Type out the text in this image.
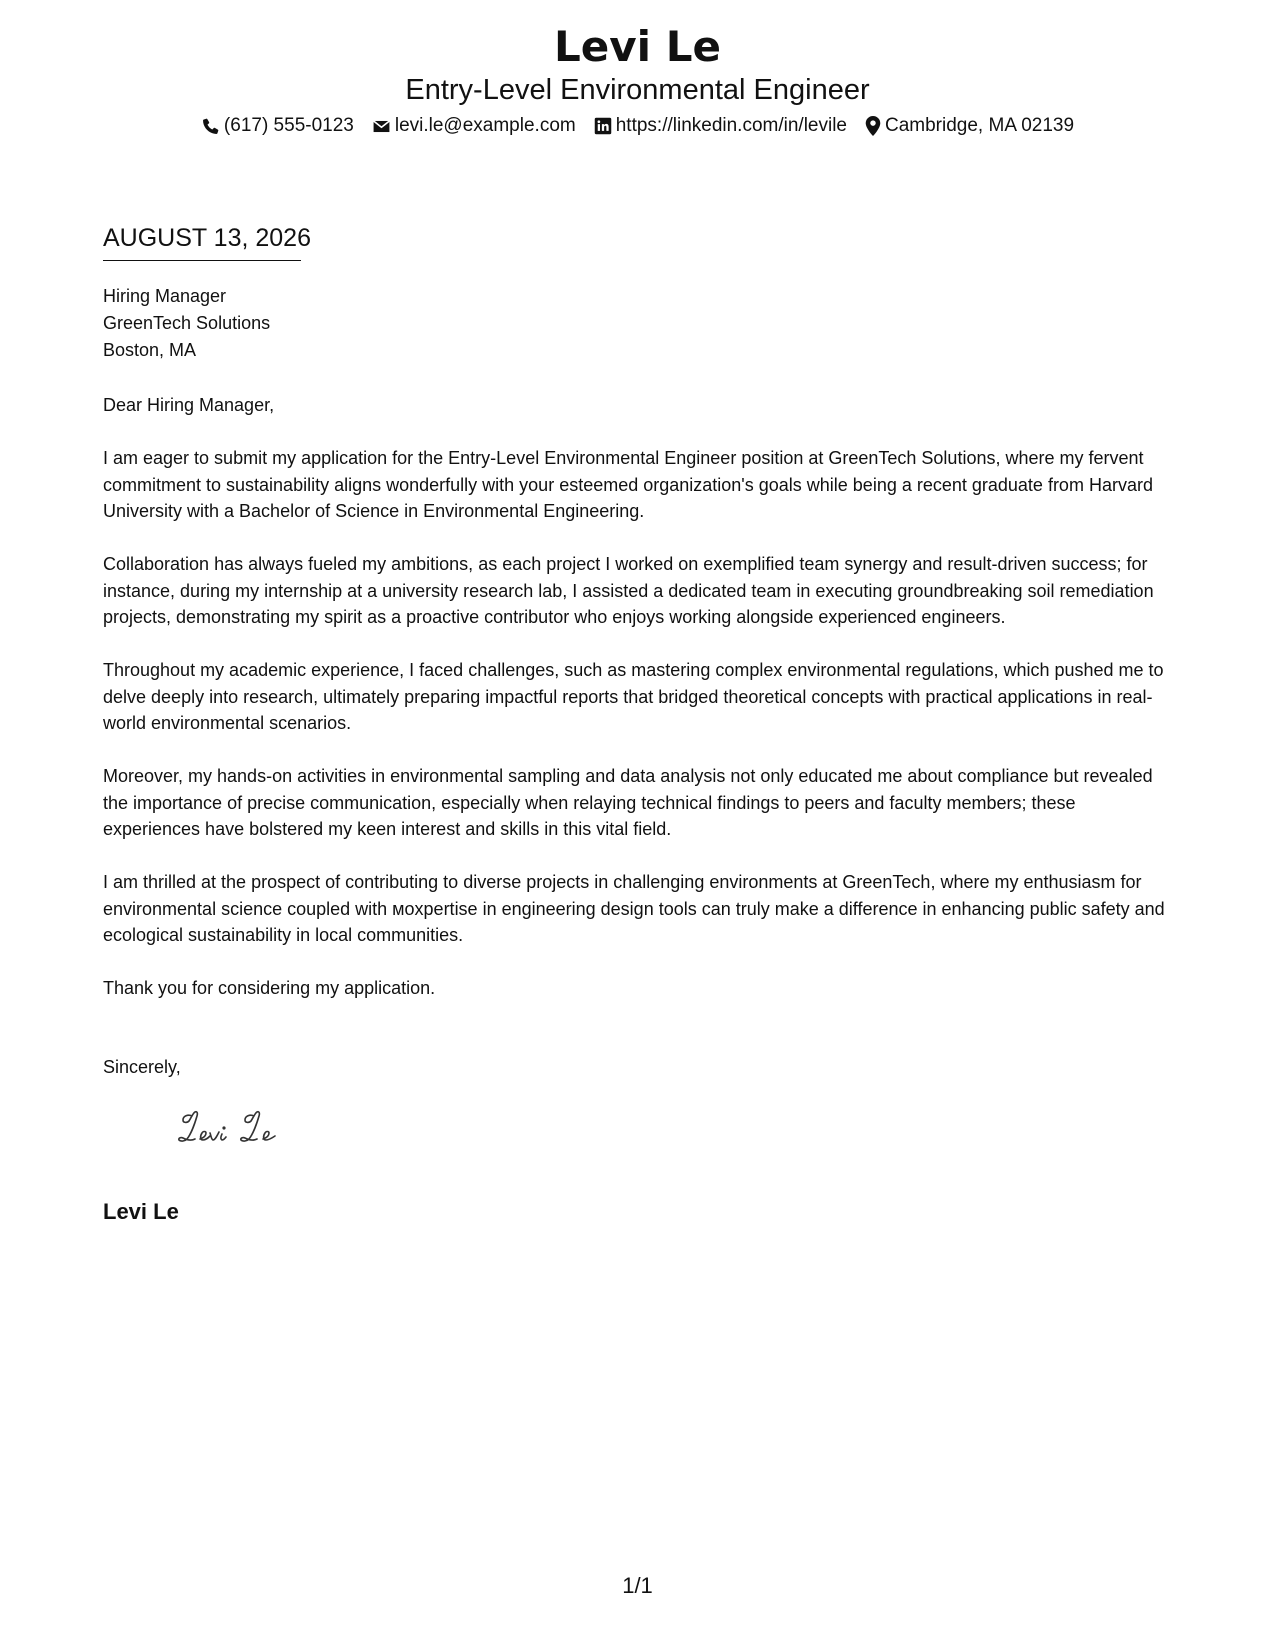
Levi Le
Entry-Level Environmental Engineer
(617) 555-0123 levi.le@example.com https://linkedin.com/in/levile Cambridge, MA 02139
AUGUST 13, 2026
Hiring Manager
GreenTech Solutions
Boston, MA
Dear Hiring Manager,

I am eager to submit my application for the Entry-Level Environmental Engineer position at GreenTech Solutions, where my fervent commitment to sustainability aligns wonderfully with your esteemed organization's goals while being a recent graduate from Harvard University with a Bachelor of Science in Environmental Engineering.

Collaboration has always fueled my ambitions, as each project I worked on exemplified team synergy and result-driven success; for instance, during my internship at a university research lab, I assisted a dedicated team in executing groundbreaking soil remediation projects, demonstrating my spirit as a proactive contributor who enjoys working alongside experienced engineers.

Throughout my academic experience, I faced challenges, such as mastering complex environmental regulations, which pushed me to delve deeply into research, ultimately preparing impactful reports that bridged theoretical concepts with practical applications in real-world environmental scenarios.

Moreover, my hands-on activities in environmental sampling and data analysis not only educated me about compliance but revealed the importance of precise communication, especially when relaying technical findings to peers and faculty members; these experiences have bolstered my keen interest and skills in this vital field.

I am thrilled at the prospect of contributing to diverse projects in challenging environments at GreenTech, where my enthusiasm for environmental science coupled with мoxpertise in engineering design tools can truly make a difference in enhancing public safety and ecological sustainability in local communities.

Thank you for considering my application.
Sincerely,
Levi Le
1/1
